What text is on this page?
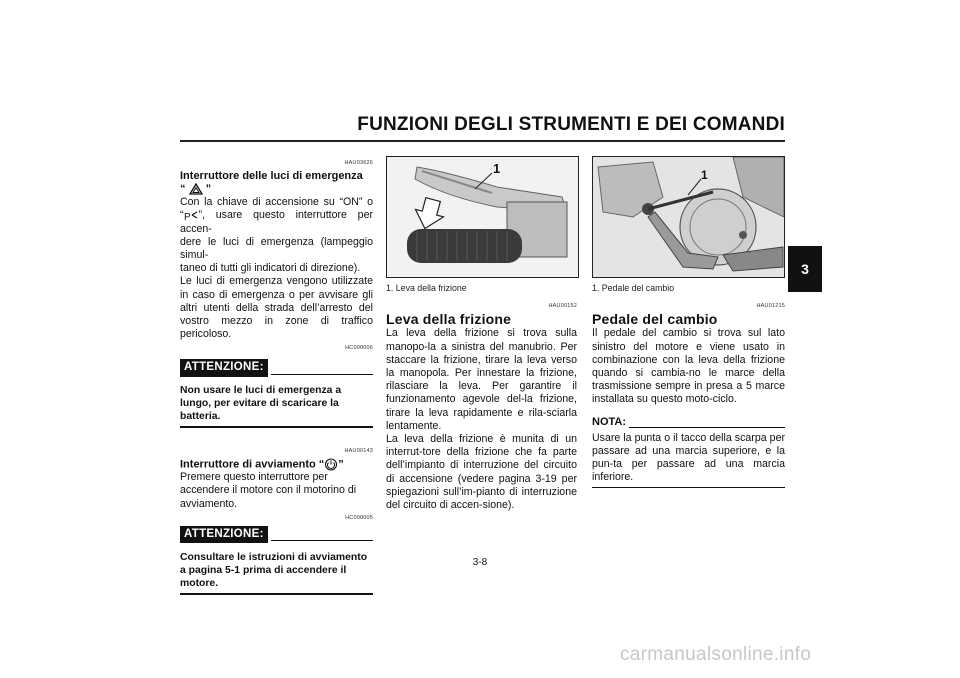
FUNZIONI DEGLI STRUMENTI E DEI COMANDI
3
HAU03626
Interruttore delle luci di emergenza
“ ”
Con la chiave di accensione su “ON” o
“ P ”, usare questo interruttore per accen-
dere le luci di emergenza (lampeggio simul-
taneo di tutti gli indicatori di direzione).
Le luci di emergenza vengono utilizzate in caso di emergenza o per avvisare gli altri utenti della strada dell’arresto del vostro mezzo in zone di traffico pericoloso.
HC000006
ATTENZIONE:
Non usare le luci di emergenza a lungo, per evitare di scaricare la batteria.
HAU00143
Interruttore di avviamento “ ”
Premere questo interruttore per accendere il motore con il motorino di avviamento.
HC000005
ATTENZIONE:
Consultare le istruzioni di avviamento a pagina 5-1 prima di accendere il motore.
1
1. Leva della frizione
HAU00152
Leva della frizione
La leva della frizione si trova sulla manopo-la a sinistra del manubrio. Per staccare la frizione, tirare la leva verso la manopola. Per innestare la frizione, rilasciare la leva. Per garantire il funzionamento agevole del-la frizione, tirare la leva rapidamente e rila-sciarla lentamente.
La leva della frizione è munita di un interrut-tore della frizione che fa parte dell’impianto di interruzione del circuito di accensione (vedere pagina 3-19 per spiegazioni sull’im-pianto di interruzione del circuito di accen-sione).
1
1. Pedale del cambio
HAU01215
Pedale del cambio
Il pedale del cambio si trova sul lato sinistro del motore e viene usato in combinazione con la leva della frizione quando si cambia-no le marce della trasmissione sempre in presa a 5 marce installata su questo moto-ciclo.
NOTA:
Usare la punta o il tacco della scarpa per passare ad una marcia superiore, e la pun-ta per passare ad una marcia inferiore.
3-8
carmanualsonline.info
